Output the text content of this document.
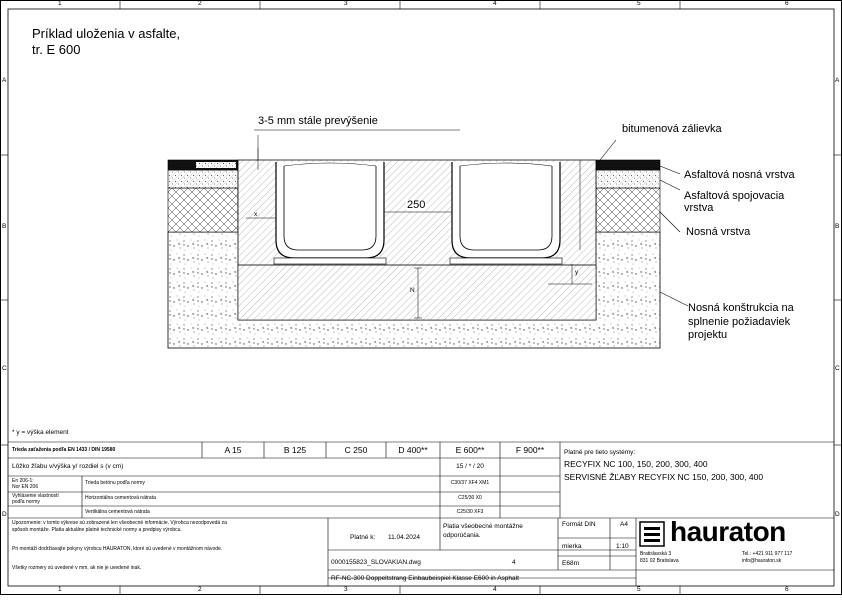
1	2	3	4	5	6
1	2	3	4	5	6
A
B
C
D
A
B
C
D
Príklad uloženia v asfalte,
tr. E 600
3-5 mm stále prevýšenie
bitumenová zálievka
Asfaltová nosná vrstva
Asfaltová spojovacia vrstva
Nosná vrstva
Nosná konštrukcia na splnenie požiadaviek projektu
250
x
y
N
* y = výška element
Trieda zaťaženia podľa EN 1433 / DIN 19580	A 15	B 125	C 250	D 400**	E 600**	F 900**
Lôžko žľabu v/výška y/ rozdiel s (v cm)	15 / * / 20
En 206-1:
Nor EN 206
Trieda betónu podľa normy	C30/37 XF4 XM1
Vyhlásenie vlastností
podľa normy
Horizontálna cementová nátrata	C25/30 X0
Vertikálna cementová nátrata	C25/30 XF3
Platné pre tieto systémy:
RECYFIX NC 100, 150, 200, 300, 400
SERVISNÉ ŽĽABY RECYFIX NC 150, 200, 300, 400
Upozornenie: v tomto výkrese sú zobrazené len všeobecné informácie. Výrobca nezodpovedá za
spôsob montáže. Platia aktuálne platné technické normy a predpisy výrobcu.
Pri montáži dodržiavajte pokyny výrobcu HAURATON, ktoré sú uvedené v montážnom návode.
Všetky rozmery sú uvedené v mm, ak nie je uvedené inak.
Platné k: 11.04.2024
Platia všeobecné montážne odporúčania.
Formát DIN	A4
mierka	1:10
0000155823_SLOVAKIAN.dwg	4	E68m
RF-NC-300 Doppeltstrang Einbaubeispiel Klasse E600 in Asphalt
hauraton
Bratislavská 3
831 02 Bratislava
Tel.: +421 911 977 117
info@hauraton.sk
